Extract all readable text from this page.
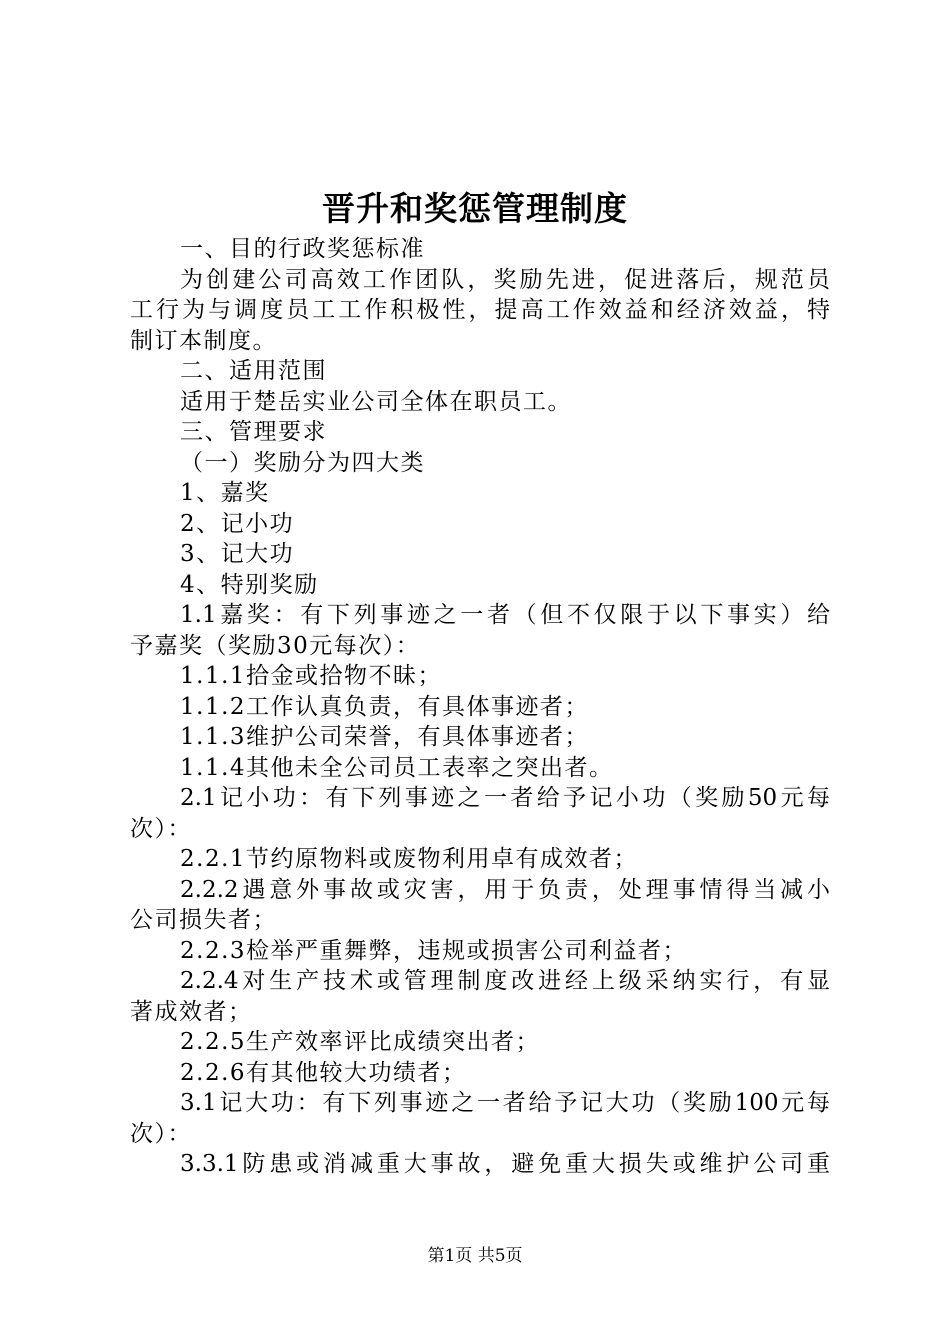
晋升和奖惩管理制度
一、目的行政奖惩标准
为创建公司高效工作团队，奖励先进，促进落后，规范员
工行为与调度员工工作积极性，提高工作效益和经济效益，特
制订本制度。
二、适用范围
适用于楚岳实业公司全体在职员工。
三、管理要求
（一）奖励分为四大类
1、嘉奖
2、记小功
3、记大功
4、特别奖励
1.1嘉奖：有下列事迹之一者（但不仅限于以下事实）给
予嘉奖（奖励30元每次）：
1.1.1拾金或拾物不昧；
1.1.2工作认真负责，有具体事迹者；
1.1.3维护公司荣誉，有具体事迹者；
1.1.4其他未全公司员工表率之突出者。
2.1记小功：有下列事迹之一者给予记小功（奖励50元每
次）：
2.2.1节约原物料或废物利用卓有成效者；
2.2.2遇意外事故或灾害，用于负责，处理事情得当减小
公司损失者；
2.2.3检举严重舞弊，违规或损害公司利益者；
2.2.4对生产技术或管理制度改进经上级采纳实行，有显
著成效者；
2.2.5生产效率评比成绩突出者；
2.2.6有其他较大功绩者；
3.1记大功：有下列事迹之一者给予记大功（奖励100元每
次）：
3.3.1防患或消减重大事故，避免重大损失或维护公司重
第1页 共5页
